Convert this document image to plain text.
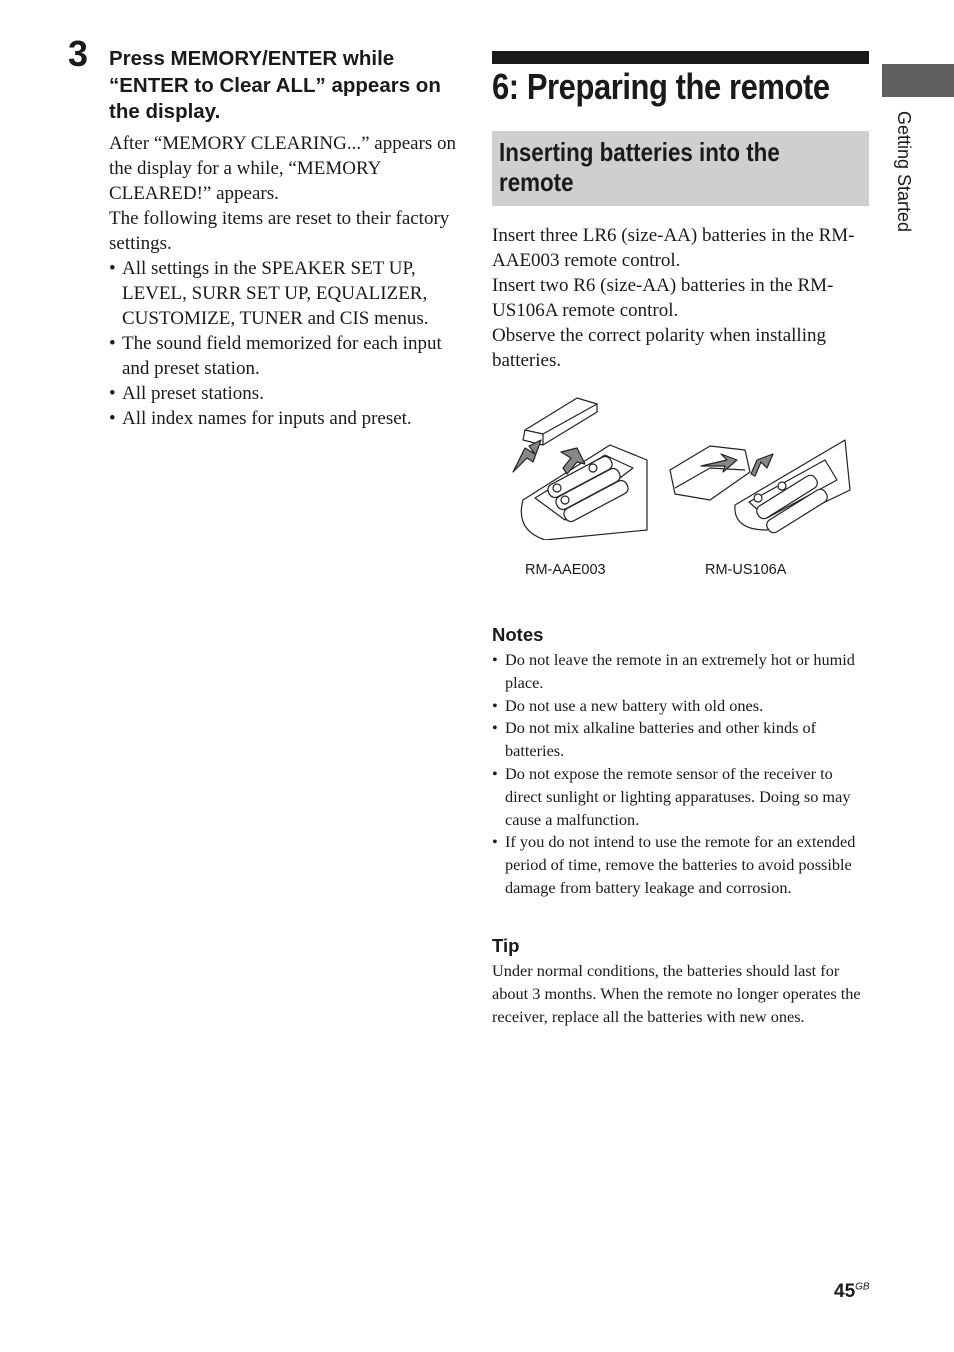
3 Press MEMORY/ENTER while “ENTER to Clear ALL” appears on the display.

After “MEMORY CLEARING...” appears on the display for a while, “MEMORY CLEARED!” appears.

The following items are reset to their factory settings.

• All settings in the SPEAKER SET UP, LEVEL, SURR SET UP, EQUALIZER, CUSTOMIZE, TUNER and CIS menus.
• The sound field memorized for each input and preset station.
• All preset stations.
• All index names for inputs and preset.
6: Preparing the remote
Inserting batteries into the remote

Insert three LR6 (size-AA) batteries in the RM-AAE003 remote control.

Insert two R6 (size-AA) batteries in the RM-US106A remote control.

Observe the correct polarity when installing batteries.

RM-AAE003	RM-US106A
Notes
• Do not leave the remote in an extremely hot or humid place.
• Do not use a new battery with old ones.
• Do not mix alkaline batteries and other kinds of batteries.
• Do not expose the remote sensor of the receiver to direct sunlight or lighting apparatuses. Doing so may cause a malfunction.
• If you do not intend to use the remote for an extended period of time, remove the batteries to avoid possible damage from battery leakage and corrosion.
Tip
Under normal conditions, the batteries should last for about 3 months. When the remote no longer operates the receiver, replace all the batteries with new ones.
Getting Started
$45^{GB}$
